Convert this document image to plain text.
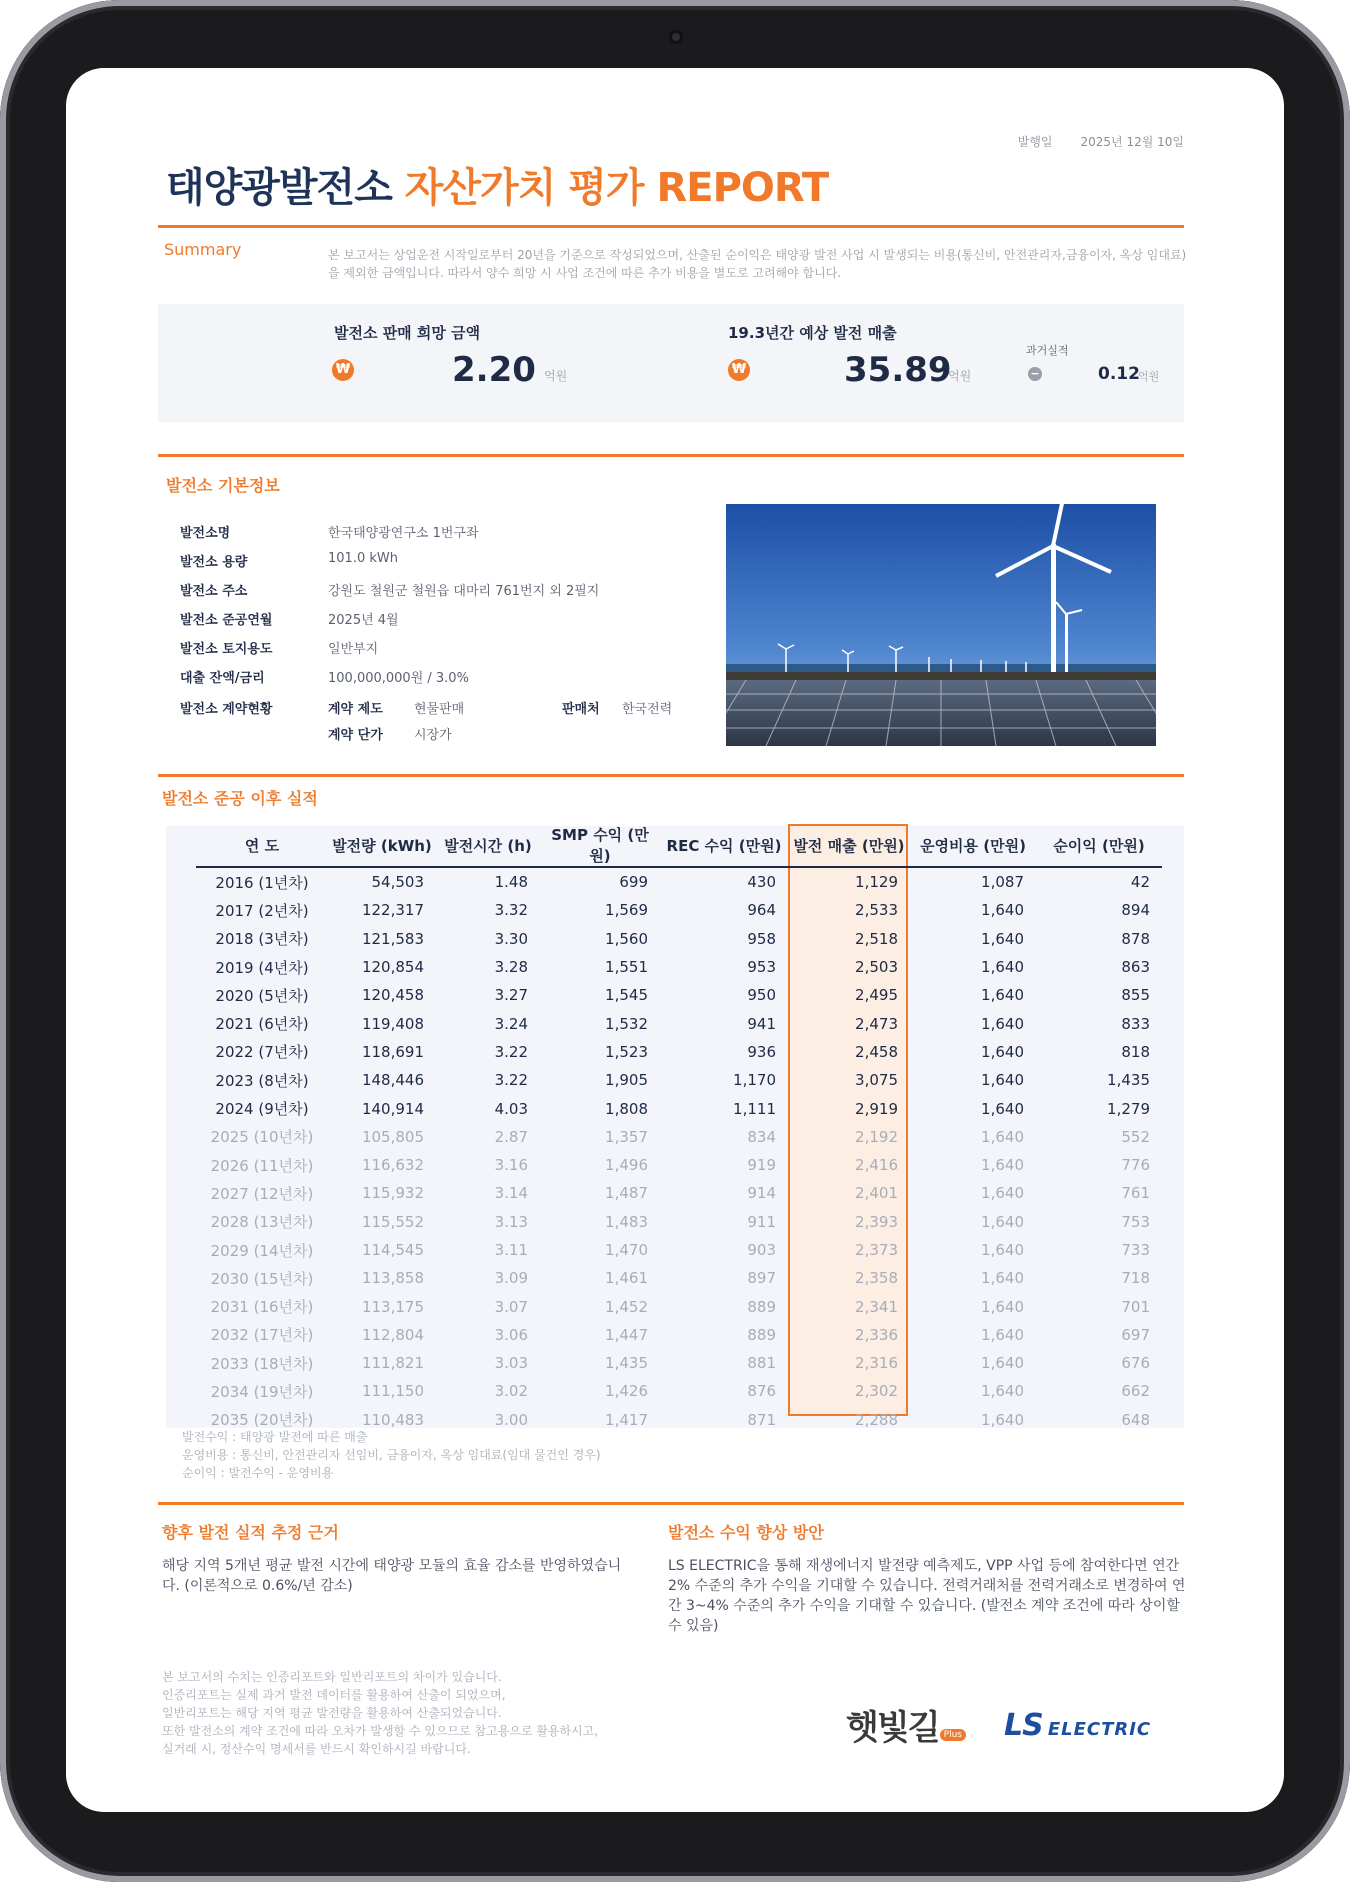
발행일 2025년 12월 10일
태양광발전소 자산가치 평가 REPORT
Summary	본 보고서는 상업운전 시작일로부터 20년을 기준으로 작성되었으며, 산출된 순이익은 태양광 발전 사업 시 발생되는 비용(통신비, 안전관리자,금융이자, 옥상 임대료)을 제외한 금액입니다. 따라서 양수 희망 시 사업 조건에 따른 추가 비용을 별도로 고려해야 합니다.
발전소 판매 희망 금액
₩	2.20 억원
19.3년간 예상 발전 매출
₩	35.89
억원
과거실적
−	0.12
억원
발전소 기본정보
발전소명	한국태양광연구소 1번구좌
발전소 용량	101.0 kWh
발전소 주소	강원도 철원군 철원읍 대마리 761번지 외 2필지
발전소 준공연월	2025년 4월
발전소 토지용도	일반부지
대출 잔액/금리	100,000,000원 / 3.0%
발전소 계약현황	계약 제도 현물판매	판매처 한국전력
계약 단가 시장가
발전소 준공 이후 실적
연 도	발전량 (kWh)	발전시간 (h)	SMP 수익 (만원)	REC 수익 (만원)	발전 매출 (만원)	운영비용 (만원)	순이익 (만원)
2016 (1년차)	54,503	1.48	699	430	1,129	1,087	42
2017 (2년차)	122,317	3.32	1,569	964	2,533	1,640	894
2018 (3년차)	121,583	3.30	1,560	958	2,518	1,640	878
2019 (4년차)	120,854	3.28	1,551	953	2,503	1,640	863
2020 (5년차)	120,458	3.27	1,545	950	2,495	1,640	855
2021 (6년차)	119,408	3.24	1,532	941	2,473	1,640	833
2022 (7년차)	118,691	3.22	1,523	936	2,458	1,640	818
2023 (8년차)	148,446	3.22	1,905	1,170	3,075	1,640	1,435
2024 (9년차)	140,914	4.03	1,808	1,111	2,919	1,640	1,279
2025 (10년차)	105,805	2.87	1,357	834	2,192	1,640	552
2026 (11년차)	116,632	3.16	1,496	919	2,416	1,640	776
2027 (12년차)	115,932	3.14	1,487	914	2,401	1,640	761
2028 (13년차)	115,552	3.13	1,483	911	2,393	1,640	753
2029 (14년차)	114,545	3.11	1,470	903	2,373	1,640	733
2030 (15년차)	113,858	3.09	1,461	897	2,358	1,640	718
2031 (16년차)	113,175	3.07	1,452	889	2,341	1,640	701
2032 (17년차)	112,804	3.06	1,447	889	2,336	1,640	697
2033 (18년차)	111,821	3.03	1,435	881	2,316	1,640	676
2034 (19년차)	111,150	3.02	1,426	876	2,302	1,640	662
2035 (20년차)	110,483	3.00	1,417	871	2,288	1,640	648
발전수익 : 태양광 발전에 따른 매출
운영비용 : 통신비, 안전관리자 선임비, 금융이자, 옥상 임대료(임대 물건인 경우)
순이익 : 발전수익 - 운영비용
향후 발전 실적 추정 근거
해당 지역 5개년 평균 발전 시간에 태양광 모듈의 효율 감소를 반영하였습니다. (이론적으로 0.6%/년 감소)
발전소 수익 향상 방안
LS ELECTRIC을 통해 재생에너지 발전량 예측제도, VPP 사업 등에 참여한다면 연간 2% 수준의 추가 수익을 기대할 수 있습니다. 전력거래처를 전력거래소로 변경하여 연간 3~4% 수준의 추가 수익을 기대할 수 있습니다. (발전소 계약 조건에 따라 상이할 수 있음)
본 보고서의 수치는 인증리포트와 일반리포트의 차이가 있습니다.
인증리포트는 실제 과거 발전 데이터를 활용하여 산출이 되었으며,
일반리포트는 해당 지역 평균 발전량을 활용하여 산출되었습니다.
또한 발전소의 계약 조건에 따라 오차가 발생할 수 있으므로 참고용으로 활용하시고,
실거래 시, 정산수익 명세서를 반드시 확인하시길 바랍니다.
햇빛길 Plus LS ELECTRIC
